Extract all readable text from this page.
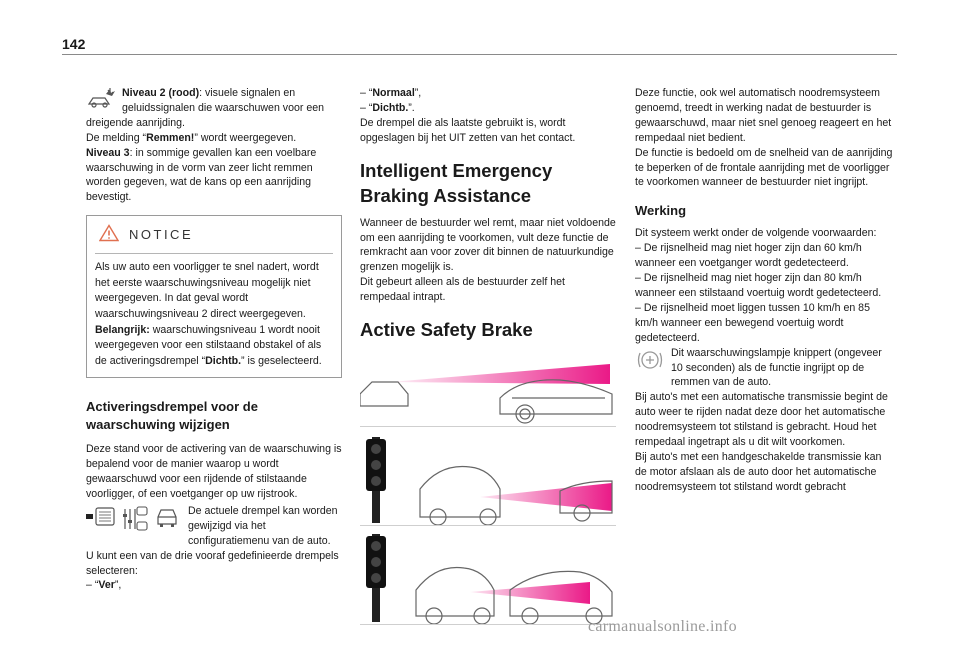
142

Niveau 2 (rood): visuele signalen en geluidssignalen die waarschuwen voor een dreigende aanrijding.

De melding “Remmen!” wordt weergegeven.

Niveau 3: in sommige gevallen kan een voelbare waarschuwing in de vorm van zeer licht remmen worden gegeven, wat de kans op een aanrijding bevestigt.

NOTICE

Als uw auto een voorligger te snel nadert, wordt het eerste waarschuwingsniveau mogelijk niet weergegeven. In dat geval wordt waarschuwingsniveau 2 direct weergegeven. Belangrijk: waarschuwingsniveau 1 wordt nooit weergegeven voor een stilstaand obstakel of als de activeringsdrempel “Dichtb.” is geselecteerd.

Activeringsdrempel voor de waarschuwing wijzigen

Deze stand voor de activering van de waarschuwing is bepalend voor de manier waarop u wordt gewaarschuwd voor een rijdende of stilstaande voorligger, of een voetganger op uw rijstrook.

De actuele drempel kan worden gewijzigd via het configuratiemenu van de auto.

U kunt een van de drie vooraf gedefinieerde drempels selecteren:

– “Ver”,

– “Normaal”,

– “Dichtb.”.

De drempel die als laatste gebruikt is, wordt opgeslagen bij het UIT zetten van het contact.

Intelligent Emergency Braking Assistance

Wanneer de bestuurder wel remt, maar niet voldoende om een aanrijding te voorkomen, vult deze functie de remkracht aan voor zover dit binnen de natuurkundige grenzen mogelijk is.

Dit gebeurt alleen als de bestuurder zelf het rempedaal intrapt.

Active Safety Brake

Deze functie, ook wel automatisch noodremsysteem genoemd, treedt in werking nadat de bestuurder is gewaarschuwd, maar niet snel genoeg reageert en het rempedaal niet bedient.

De functie is bedoeld om de snelheid van de aanrijding te beperken of de frontale aanrijding met de voorligger te voorkomen wanneer de bestuurder niet ingrijpt.

Werking

Dit systeem werkt onder de volgende voorwaarden:

– De rijsnelheid mag niet hoger zijn dan 60 km/h wanneer een voetganger wordt gedetecteerd.

– De rijsnelheid mag niet hoger zijn dan 80 km/h wanneer een stilstaand voertuig wordt gedetecteerd.

– De rijsnelheid moet liggen tussen 10 km/h en 85 km/h wanneer een bewegend voertuig wordt gedetecteerd.

Dit waarschuwingslampje knippert (ongeveer 10 seconden) als de functie ingrijpt op de remmen van de auto.

Bij auto's met een automatische transmissie begint de auto weer te rijden nadat deze door het automatische noodremsysteem tot stilstand is gebracht. Houd het rempedaal ingetrapt als u dit wilt voorkomen.

Bij auto's met een handgeschakelde transmissie kan de motor afslaan als de auto door het automatische noodremsysteem tot stilstand wordt gebracht

carmanualsonline.info
